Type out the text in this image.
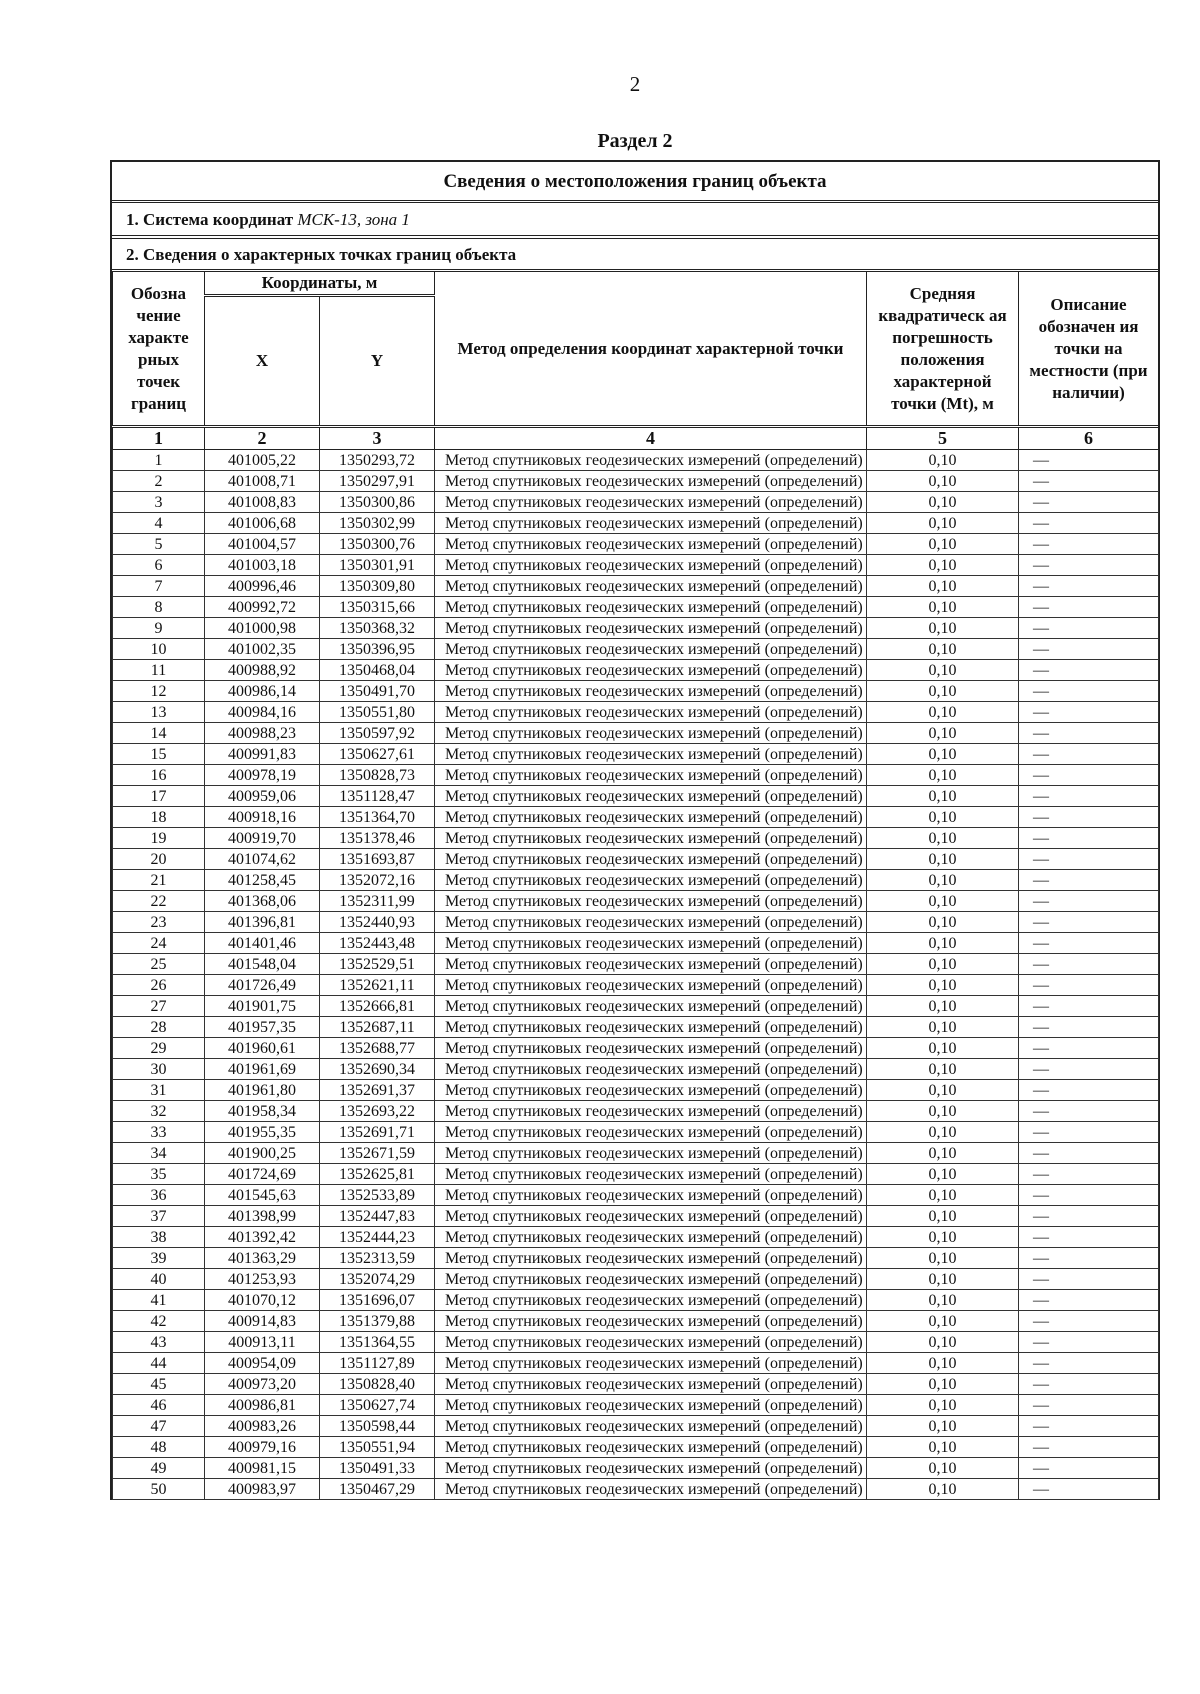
2
Раздел 2
Сведения о местоположения границ объекта
1. Система координат МСК-13, зона 1
2. Сведения о характерных точках границ объекта
Обозна чение характе рных точек границ	Координаты, м		Метод определения координат характерной точки	Средняя квадратическ ая погрешность положения характерной точки (Mt), м	Описание обозначен ия точки на местности (при наличии)
	X	Y			
1	2	3	4	5	6
1	401005,22	1350293,72	Метод спутниковых геодезических измерений (определений)	0,10	—
2	401008,71	1350297,91	Метод спутниковых геодезических измерений (определений)	0,10	—
3	401008,83	1350300,86	Метод спутниковых геодезических измерений (определений)	0,10	—
4	401006,68	1350302,99	Метод спутниковых геодезических измерений (определений)	0,10	—
5	401004,57	1350300,76	Метод спутниковых геодезических измерений (определений)	0,10	—
6	401003,18	1350301,91	Метод спутниковых геодезических измерений (определений)	0,10	—
7	400996,46	1350309,80	Метод спутниковых геодезических измерений (определений)	0,10	—
8	400992,72	1350315,66	Метод спутниковых геодезических измерений (определений)	0,10	—
9	401000,98	1350368,32	Метод спутниковых геодезических измерений (определений)	0,10	—
10	401002,35	1350396,95	Метод спутниковых геодезических измерений (определений)	0,10	—
11	400988,92	1350468,04	Метод спутниковых геодезических измерений (определений)	0,10	—
12	400986,14	1350491,70	Метод спутниковых геодезических измерений (определений)	0,10	—
13	400984,16	1350551,80	Метод спутниковых геодезических измерений (определений)	0,10	—
14	400988,23	1350597,92	Метод спутниковых геодезических измерений (определений)	0,10	—
15	400991,83	1350627,61	Метод спутниковых геодезических измерений (определений)	0,10	—
16	400978,19	1350828,73	Метод спутниковых геодезических измерений (определений)	0,10	—
17	400959,06	1351128,47	Метод спутниковых геодезических измерений (определений)	0,10	—
18	400918,16	1351364,70	Метод спутниковых геодезических измерений (определений)	0,10	—
19	400919,70	1351378,46	Метод спутниковых геодезических измерений (определений)	0,10	—
20	401074,62	1351693,87	Метод спутниковых геодезических измерений (определений)	0,10	—
21	401258,45	1352072,16	Метод спутниковых геодезических измерений (определений)	0,10	—
22	401368,06	1352311,99	Метод спутниковых геодезических измерений (определений)	0,10	—
23	401396,81	1352440,93	Метод спутниковых геодезических измерений (определений)	0,10	—
24	401401,46	1352443,48	Метод спутниковых геодезических измерений (определений)	0,10	—
25	401548,04	1352529,51	Метод спутниковых геодезических измерений (определений)	0,10	—
26	401726,49	1352621,11	Метод спутниковых геодезических измерений (определений)	0,10	—
27	401901,75	1352666,81	Метод спутниковых геодезических измерений (определений)	0,10	—
28	401957,35	1352687,11	Метод спутниковых геодезических измерений (определений)	0,10	—
29	401960,61	1352688,77	Метод спутниковых геодезических измерений (определений)	0,10	—
30	401961,69	1352690,34	Метод спутниковых геодезических измерений (определений)	0,10	—
31	401961,80	1352691,37	Метод спутниковых геодезических измерений (определений)	0,10	—
32	401958,34	1352693,22	Метод спутниковых геодезических измерений (определений)	0,10	—
33	401955,35	1352691,71	Метод спутниковых геодезических измерений (определений)	0,10	—
34	401900,25	1352671,59	Метод спутниковых геодезических измерений (определений)	0,10	—
35	401724,69	1352625,81	Метод спутниковых геодезических измерений (определений)	0,10	—
36	401545,63	1352533,89	Метод спутниковых геодезических измерений (определений)	0,10	—
37	401398,99	1352447,83	Метод спутниковых геодезических измерений (определений)	0,10	—
38	401392,42	1352444,23	Метод спутниковых геодезических измерений (определений)	0,10	—
39	401363,29	1352313,59	Метод спутниковых геодезических измерений (определений)	0,10	—
40	401253,93	1352074,29	Метод спутниковых геодезических измерений (определений)	0,10	—
41	401070,12	1351696,07	Метод спутниковых геодезических измерений (определений)	0,10	—
42	400914,83	1351379,88	Метод спутниковых геодезических измерений (определений)	0,10	—
43	400913,11	1351364,55	Метод спутниковых геодезических измерений (определений)	0,10	—
44	400954,09	1351127,89	Метод спутниковых геодезических измерений (определений)	0,10	—
45	400973,20	1350828,40	Метод спутниковых геодезических измерений (определений)	0,10	—
46	400986,81	1350627,74	Метод спутниковых геодезических измерений (определений)	0,10	—
47	400983,26	1350598,44	Метод спутниковых геодезических измерений (определений)	0,10	—
48	400979,16	1350551,94	Метод спутниковых геодезических измерений (определений)	0,10	—
49	400981,15	1350491,33	Метод спутниковых геодезических измерений (определений)	0,10	—
50	400983,97	1350467,29	Метод спутниковых геодезических измерений (определений)	0,10	—
